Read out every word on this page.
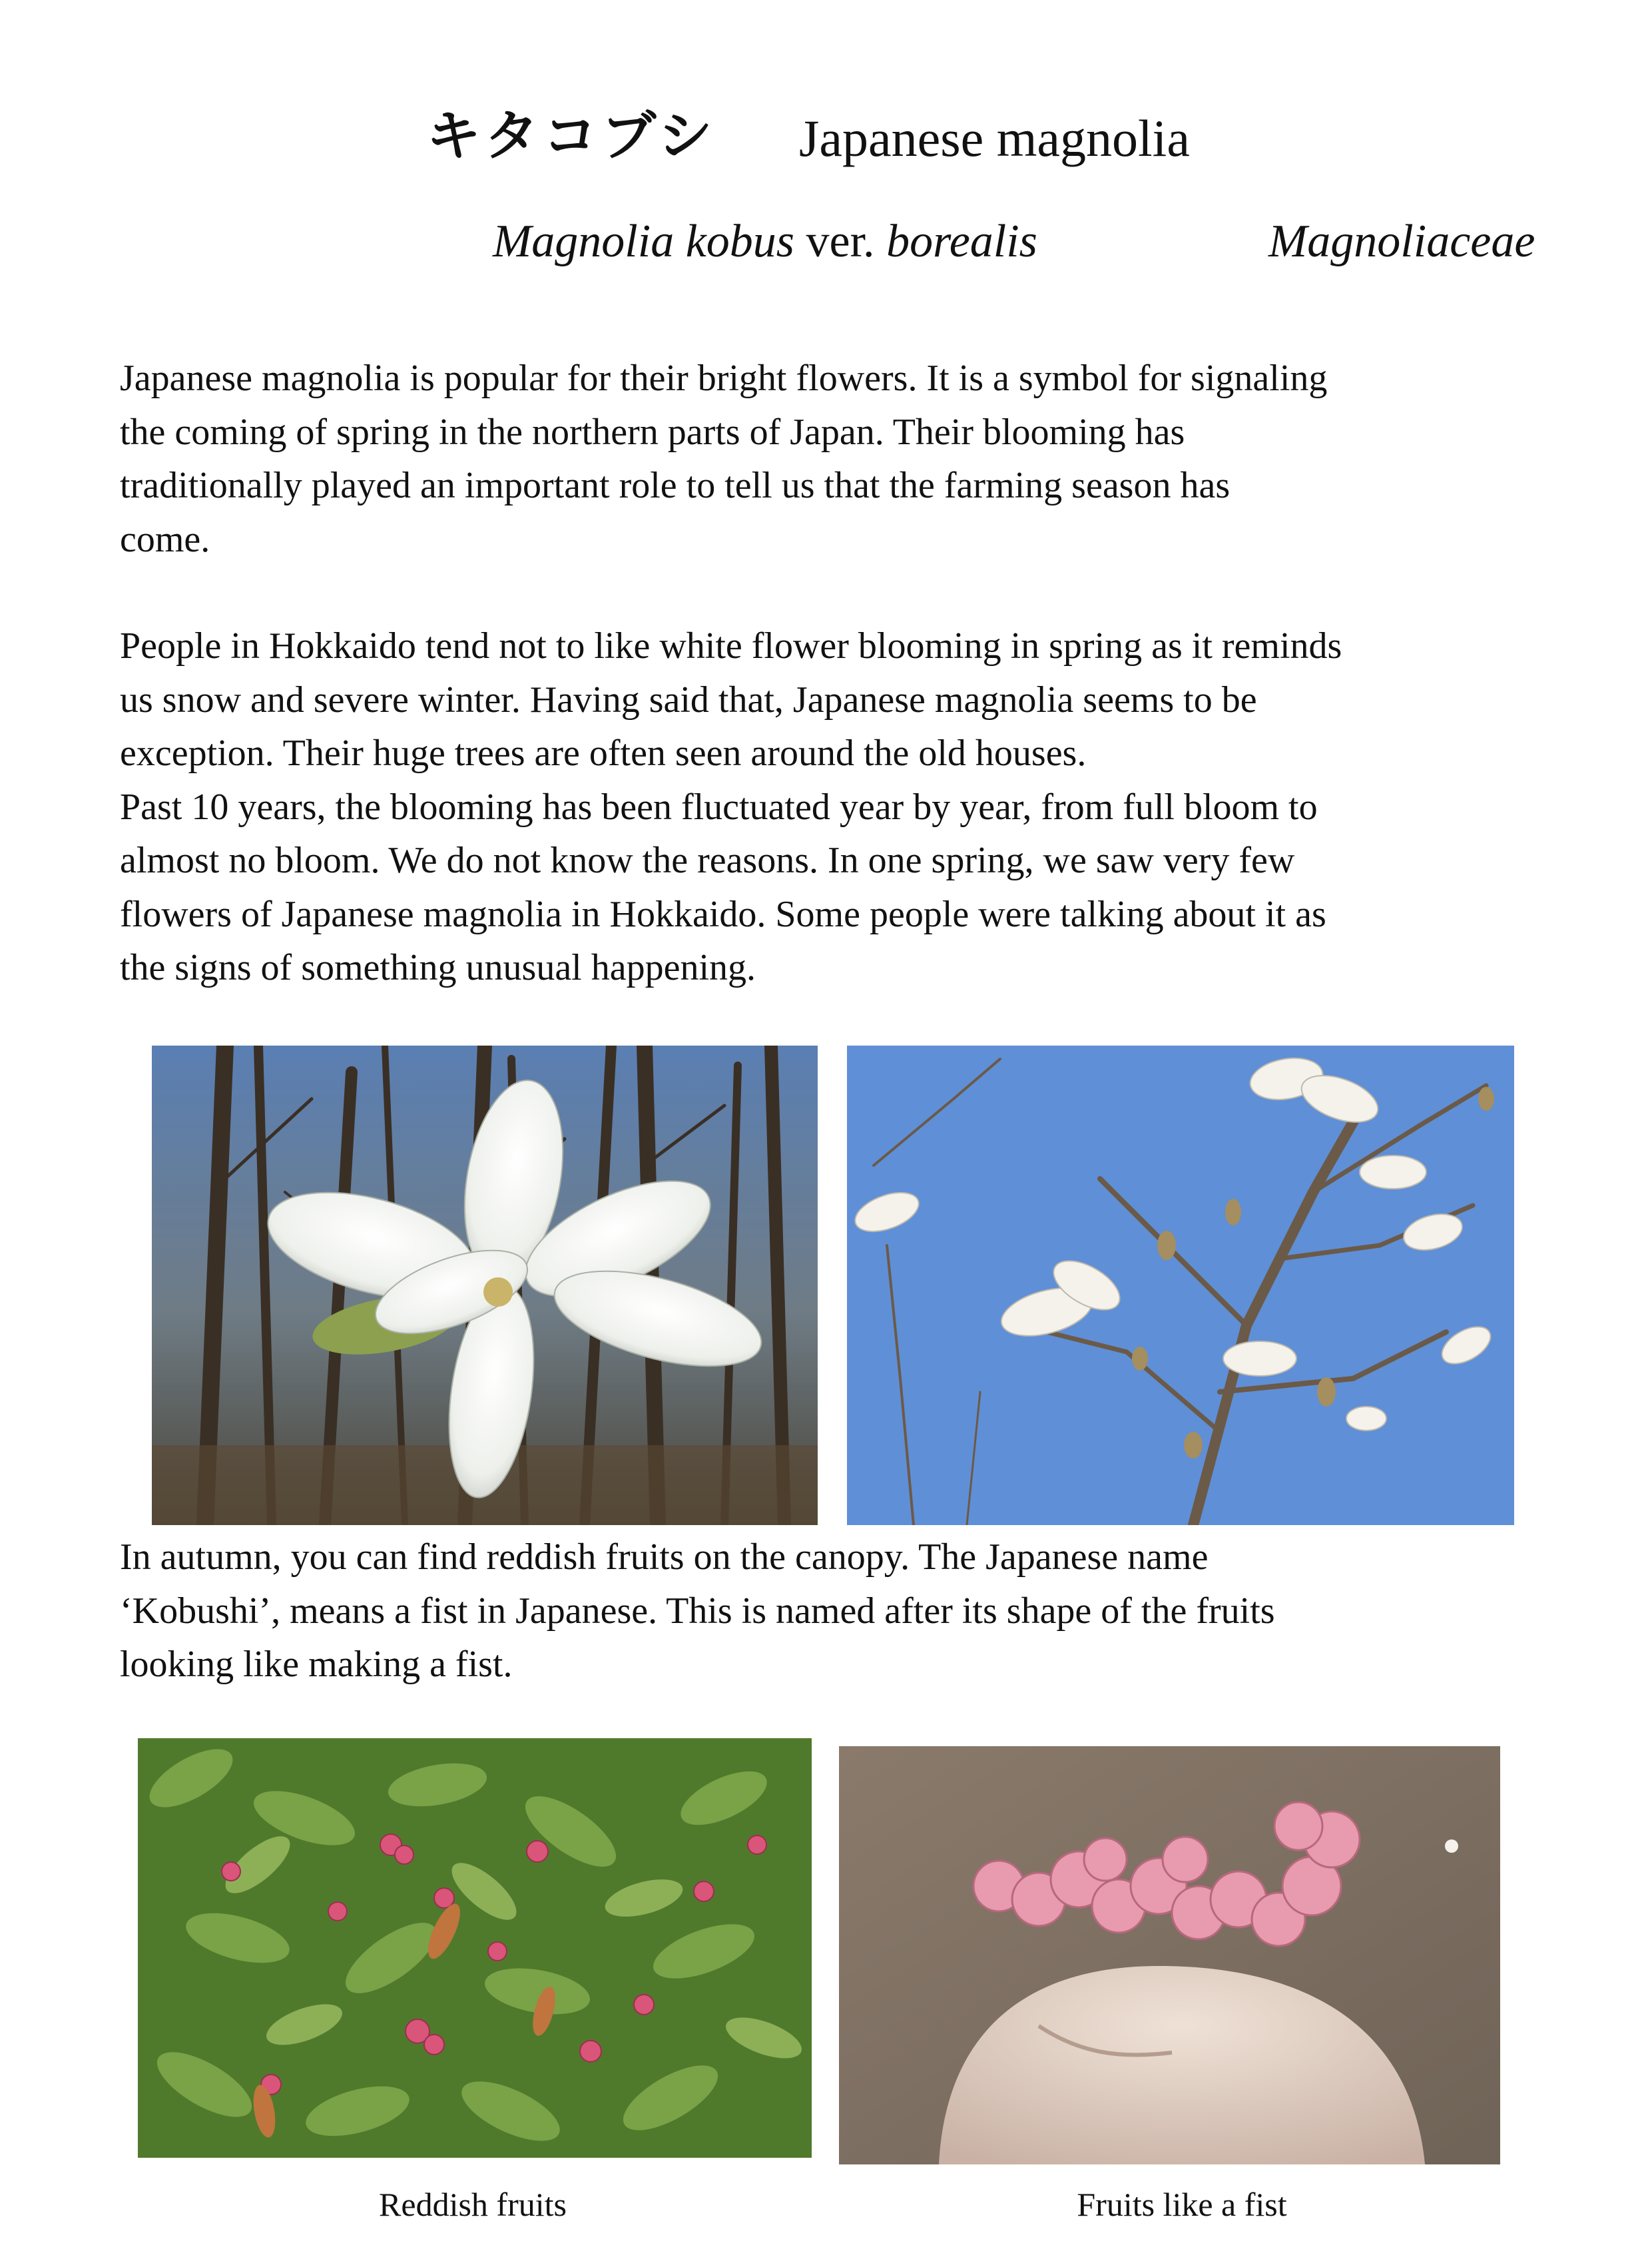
キタコブシ Japanese magnolia
Magnolia kobus ver. borealis	Magnoliaceae

Japanese magnolia is popular for their bright flowers. It is a symbol for signaling
the coming of spring in the northern parts of Japan. Their blooming has
traditionally played an important role to tell us that the farming season has
come.

People in Hokkaido tend not to like white flower blooming in spring as it reminds
us snow and severe winter. Having said that, Japanese magnolia seems to be
exception. Their huge trees are often seen around the old houses.
Past 10 years, the blooming has been fluctuated year by year, from full bloom to
almost no bloom. We do not know the reasons. In one spring, we saw very few
flowers of Japanese magnolia in Hokkaido. Some people were talking about it as
the signs of something unusual happening.

In autumn, you can find reddish fruits on the canopy. The Japanese name
‘Kobushi’, means a fist in Japanese. This is named after its shape of the fruits
looking like making a fist.

Reddish fruits	Fruits like a fist
